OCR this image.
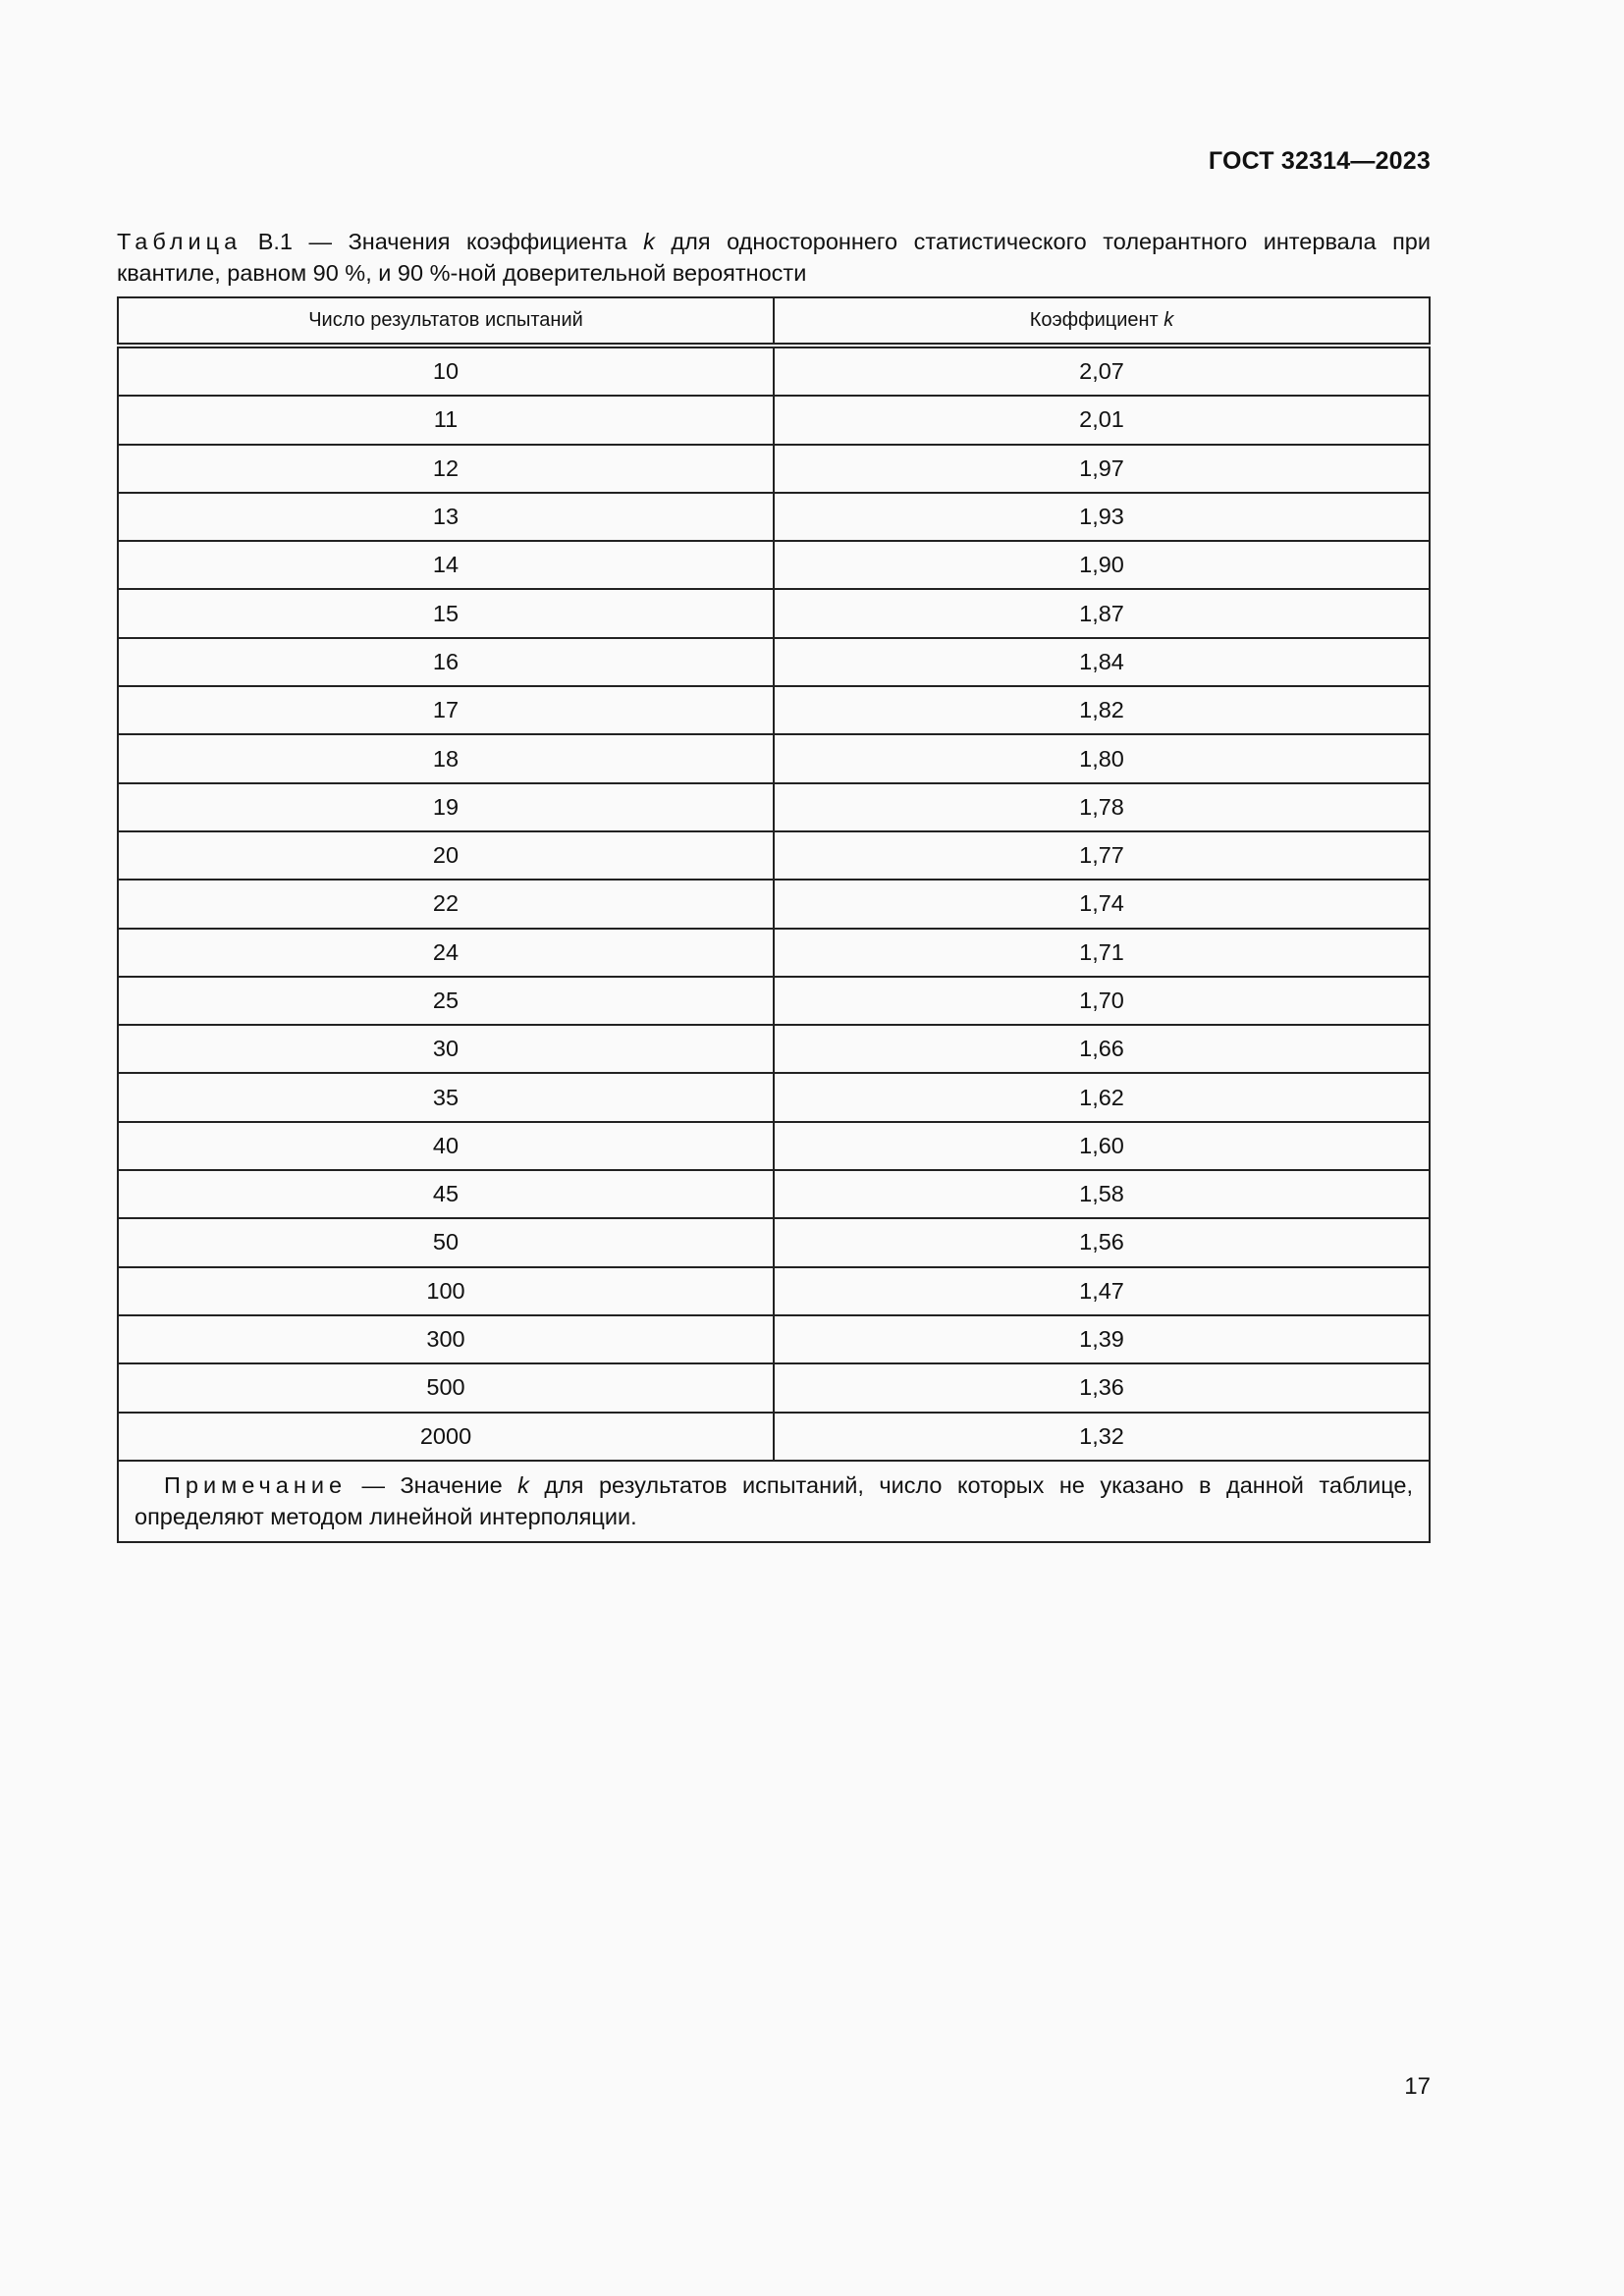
ГОСТ 32314—2023
Таблица В.1 — Значения коэффициента k для одностороннего статистического толерантного интервала при квантиле, равном 90 %, и 90 %-ной доверительной вероятности
Число результатов испытаний	Коэффициент k
10	2,07
11	2,01
12	1,97
13	1,93
14	1,90
15	1,87
16	1,84
17	1,82
18	1,80
19	1,78
20	1,77
22	1,74
24	1,71
25	1,70
30	1,66
35	1,62
40	1,60
45	1,58
50	1,56
100	1,47
300	1,39
500	1,36
2000	1,32
Примечание — Значение k для результатов испытаний, число которых не указано в данной таблице, определяют методом линейной интерполяции.	
17
